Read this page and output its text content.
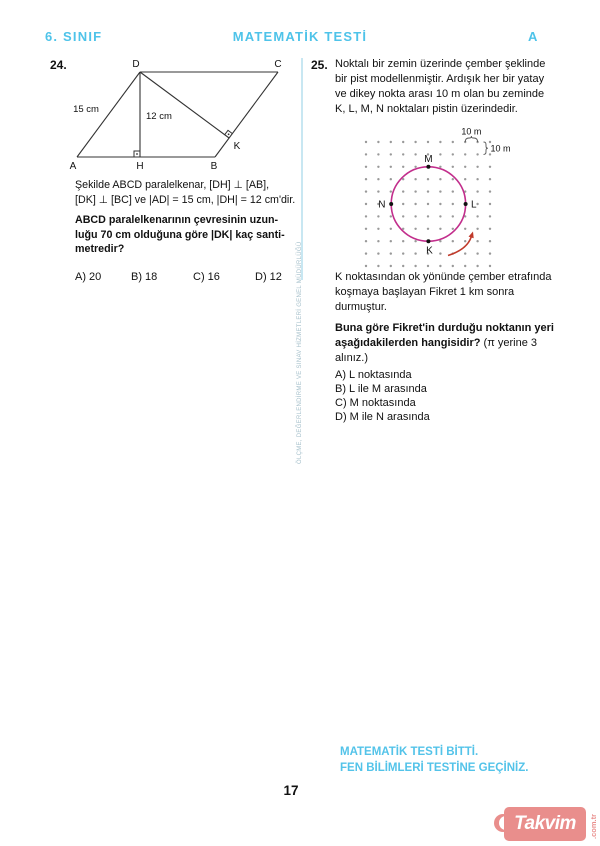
6. SINIF	MATEMATİK TESTİ	A
ÖLÇME, DEĞERLENDİRME VE SINAV HİZMETLERİ GENEL MÜDÜRLÜĞÜ
24.
A	H	B
D	C
K
15 cm
12 cm
Şekilde ABCD paralelkenar, [DH] ⊥ [AB],
[DK] ⊥ [BC] ve |AD| = 15 cm, |DH| = 12 cm'dir.
ABCD paralelkenarının çevresinin uzun-
luğu 70 cm olduğuna göre |DK| kaç santi-
metredir?
A) 20	B) 18	C) 16	D) 12
25. Noktalı bir zemin üzerinde çember şeklinde
bir pist modellenmiştir. Ardışık her bir yatay
ve dikey nokta arası 10 m olan bu zeminde
K, L, M, N noktaları pistin üzerindedir.
M
N	L
K
10 m
10 m
K noktasından ok yönünde çember etrafında
koşmaya başlayan Fikret 1 km sonra
durmuştur.
Buna göre Fikret'in durduğu noktanın yeri
aşağıdakilerden hangisidir? (π yerine 3
alınız.)
A) L noktasında
B) L ile M arasında
C) M noktasında
D) M ile N arasında
MATEMATİK TESTİ BİTTİ.
FEN BİLİMLERİ TESTİNE GEÇİNİZ.
17
Takvim .com.tr
